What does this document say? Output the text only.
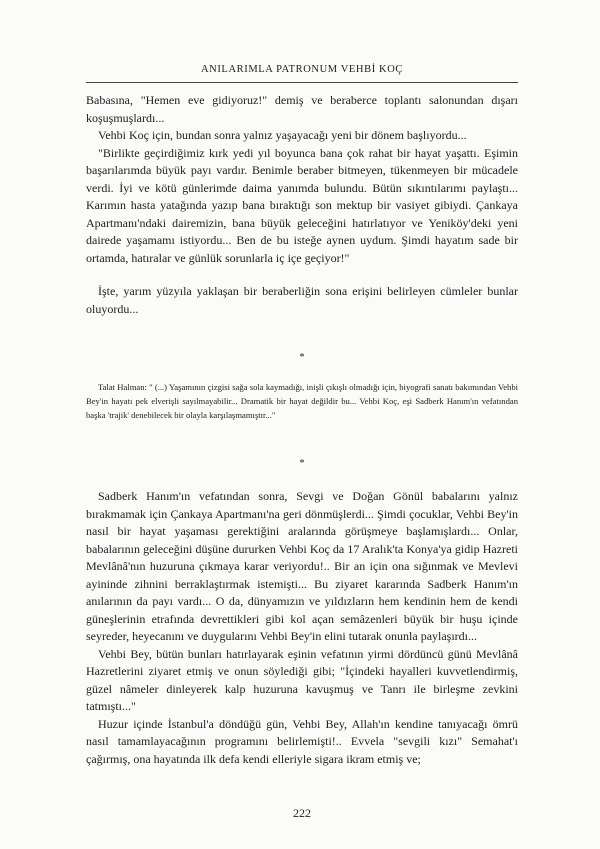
ANILARIMLA PATRONUM VEHBİ KOÇ

Babasına, "Hemen eve gidiyoruz!" demiş ve beraberce toplantı salonundan dışarı koşuşmuşlardı...

Vehbi Koç için, bundan sonra yalnız yaşayacağı yeni bir dönem başlıyordu...

"Birlikte geçirdiğimiz kırk yedi yıl boyunca bana çok rahat bir hayat yaşattı. Eşimin başarılarımda büyük payı vardır. Benimle beraber bitmeyen, tükenmeyen bir mücadele verdi. İyi ve kötü günlerimde daima yanımda bulundu. Bütün sıkıntılarımı paylaştı... Karımın hasta yatağında yazıp bana bıraktığı son mektup bir vasiyet gibiydi. Çankaya Apartmanı'ndaki dairemizin, bana büyük geleceğini hatırlatıyor ve Yeniköy'deki yeni dairede yaşamamı istiyordu... Ben de bu isteğe aynen uydum. Şimdi hayatım sade bir ortamda, hatıralar ve günlük sorunlarla iç içe geçiyor!"

İşte, yarım yüzyıla yaklaşan bir beraberliğin sona erişini belirleyen cümleler bunlar oluyordu...

*

Talat Halman: " (...) Yaşamının çizgisi sağa sola kaymadığı, inişli çıkışlı olmadığı için, biyografi sanatı bakımından Vehbi Bey'in hayatı pek elverişli sayılmayabilir... Dramatik bir hayat değildir bu... Vehbi Koç, eşi Sadberk Hanım'ın vefatından başka 'trajik' denebilecek bir olayla karşılaşmamıştır..."

*

Sadberk Hanım'ın vefatından sonra, Sevgi ve Doğan Gönül babalarını yalnız bırakmamak için Çankaya Apartmanı'na geri dönmüşlerdi... Şimdi çocuklar, Vehbi Bey'in nasıl bir hayat yaşaması gerektiğini aralarında görüşmeye başlamışlardı... Onlar, babalarının geleceğini düşüne dururken Vehbi Koç da 17 Aralık'ta Konya'ya gidip Hazreti Mevlânâ'nın huzuruna çıkmaya karar veriyordu!.. Bir an için ona sığınmak ve Mevlevi ayininde zihnini berraklaştırmak istemişti... Bu ziyaret kararında Sadberk Hanım'ın anılarının da payı vardı... O da, dünyamızın ve yıldızların hem kendinin hem de kendi güneşlerinin etrafında devrettikleri gibi kol açan semâzenleri büyük bir huşu içinde seyreder, heyecanını ve duygularını Vehbi Bey'in elini tutarak onunla paylaşırdı...

Vehbi Bey, bütün bunları hatırlayarak eşinin vefatının yirmi dördüncü günü Mevlânâ Hazretlerini ziyaret etmiş ve onun söylediği gibi; "İçindeki hayalleri kuvvetlendirmiş, güzel nâmeler dinleyerek kalp huzuruna kavuşmuş ve Tanrı ile birleşme zevkini tatmıştı..."

Huzur içinde İstanbul'a döndüğü gün, Vehbi Bey, Allah'ın kendine tanıyacağı ömrü nasıl tamamlayacağının programını belirlemişti!.. Evvela "sevgili kızı" Semahat'ı çağırmış, ona hayatında ilk defa kendi elleriyle sigara ikram etmiş ve;

222
